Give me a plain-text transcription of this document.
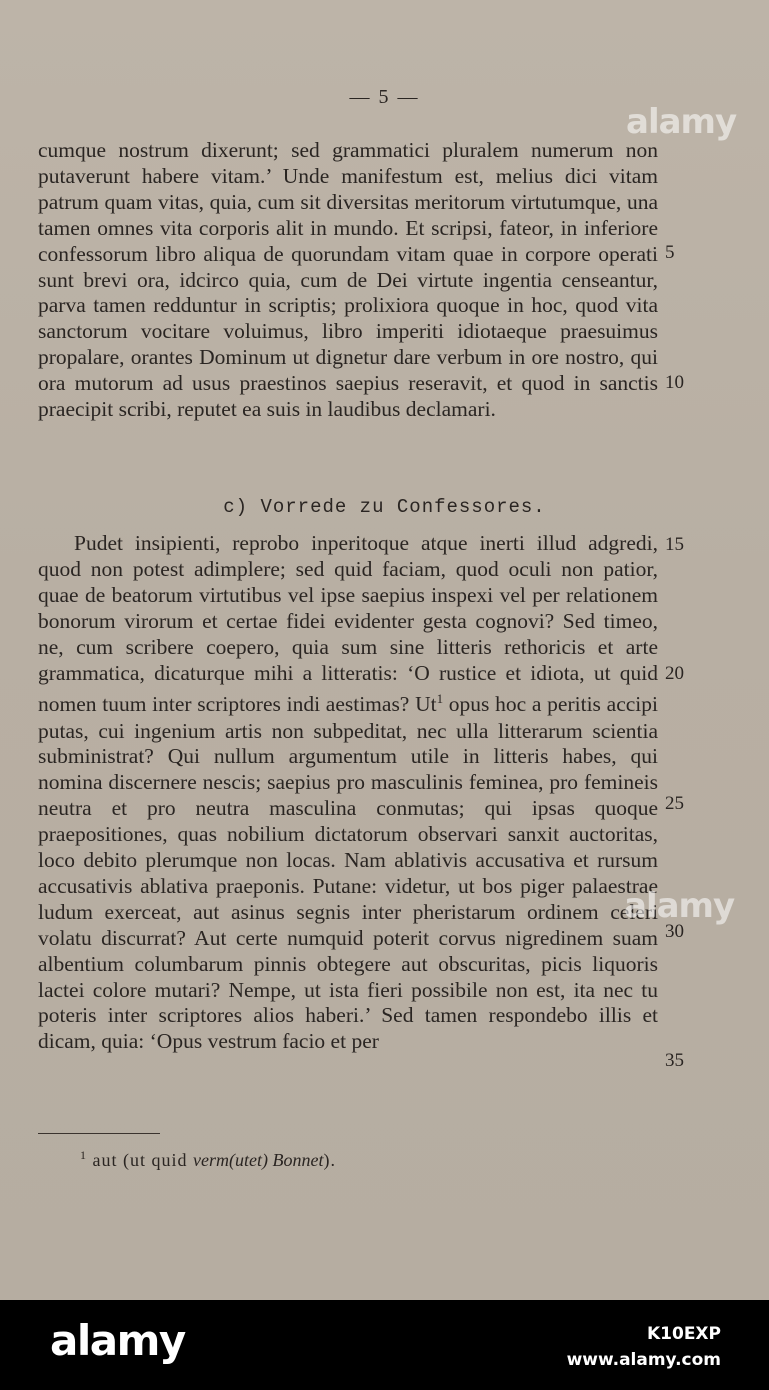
— 5 —

cumque nostrum dixerunt; sed grammatici pluralem numerum non putaverunt habere vitam.’ Unde manifestum est, melius dici vitam patrum quam vitas, quia, cum sit diversitas meritorum virtutumque, una tamen omnes vita corporis alit in mundo. Et scripsi, fateor, in inferiore confessorum libro aliqua de quorundam vitam quae in corpore operati sunt brevi ora, idcirco quia, cum de Dei virtute ingentia censeantur, parva tamen redduntur in scriptis; prolixiora quoque in hoc, quod vita sanctorum vocitare voluimus, libro imperiti idiotaeque praesuimus propalare, orantes Dominum ut dignetur dare verbum in ore nostro, qui ora mutorum ad usus praestinos saepius reseravit, et quod in sanctis praecipit scribi, reputet ea suis in laudibus declamari.

c) Vorrede zu Confessores.

Pudet insipienti, reprobo inperitoque atque inerti illud adgredi, quod non potest adimplere; sed quid faciam, quod oculi non patior, quae de beatorum virtutibus vel ipse saepius inspexi vel per relationem bonorum virorum et certae fidei evidenter gesta cognovi? Sed timeo, ne, cum scribere coepero, quia sum sine litteris rethoricis et arte grammatica, dicaturque mihi a litteratis: ‘O rustice et idiota, ut quid nomen tuum inter scriptores indi aestimas? Ut$^1$ opus hoc a peritis accipi putas, cui ingenium artis non subpeditat, nec ulla litterarum scientia subministrat? Qui nullum argumentum utile in litteris habes, qui nomina discernere nescis; saepius pro masculinis feminea, pro femineis neutra et pro neutra masculina conmutas; qui ipsas quoque praepositiones, quas nobilium dictatorum observari sanxit auctoritas, loco debito plerumque non locas. Nam ablativis accusativa et rursum accusativis ablativa praeponis. Putane: videtur, ut bos piger palaestrae ludum exerceat, aut asinus segnis inter pheristarum ordinem celeri volatu discurrat? Aut certe numquid poterit corvus nigredinem suam albentium columbarum pinnis obtegere aut obscuritas, picis liquoris lactei colore mutari? Nempe, ut ista fieri possibile non est, ita nec tu poteris inter scriptores alios haberi.’ Sed tamen respondebo illis et dicam, quia: ‘Opus vestrum facio et per

5
10
15
20
25
30
35
$^1$ aut (ut quid verm(utet) Bonnet).
alamy
alamy
alamy	K10EXP
www.alamy.com
